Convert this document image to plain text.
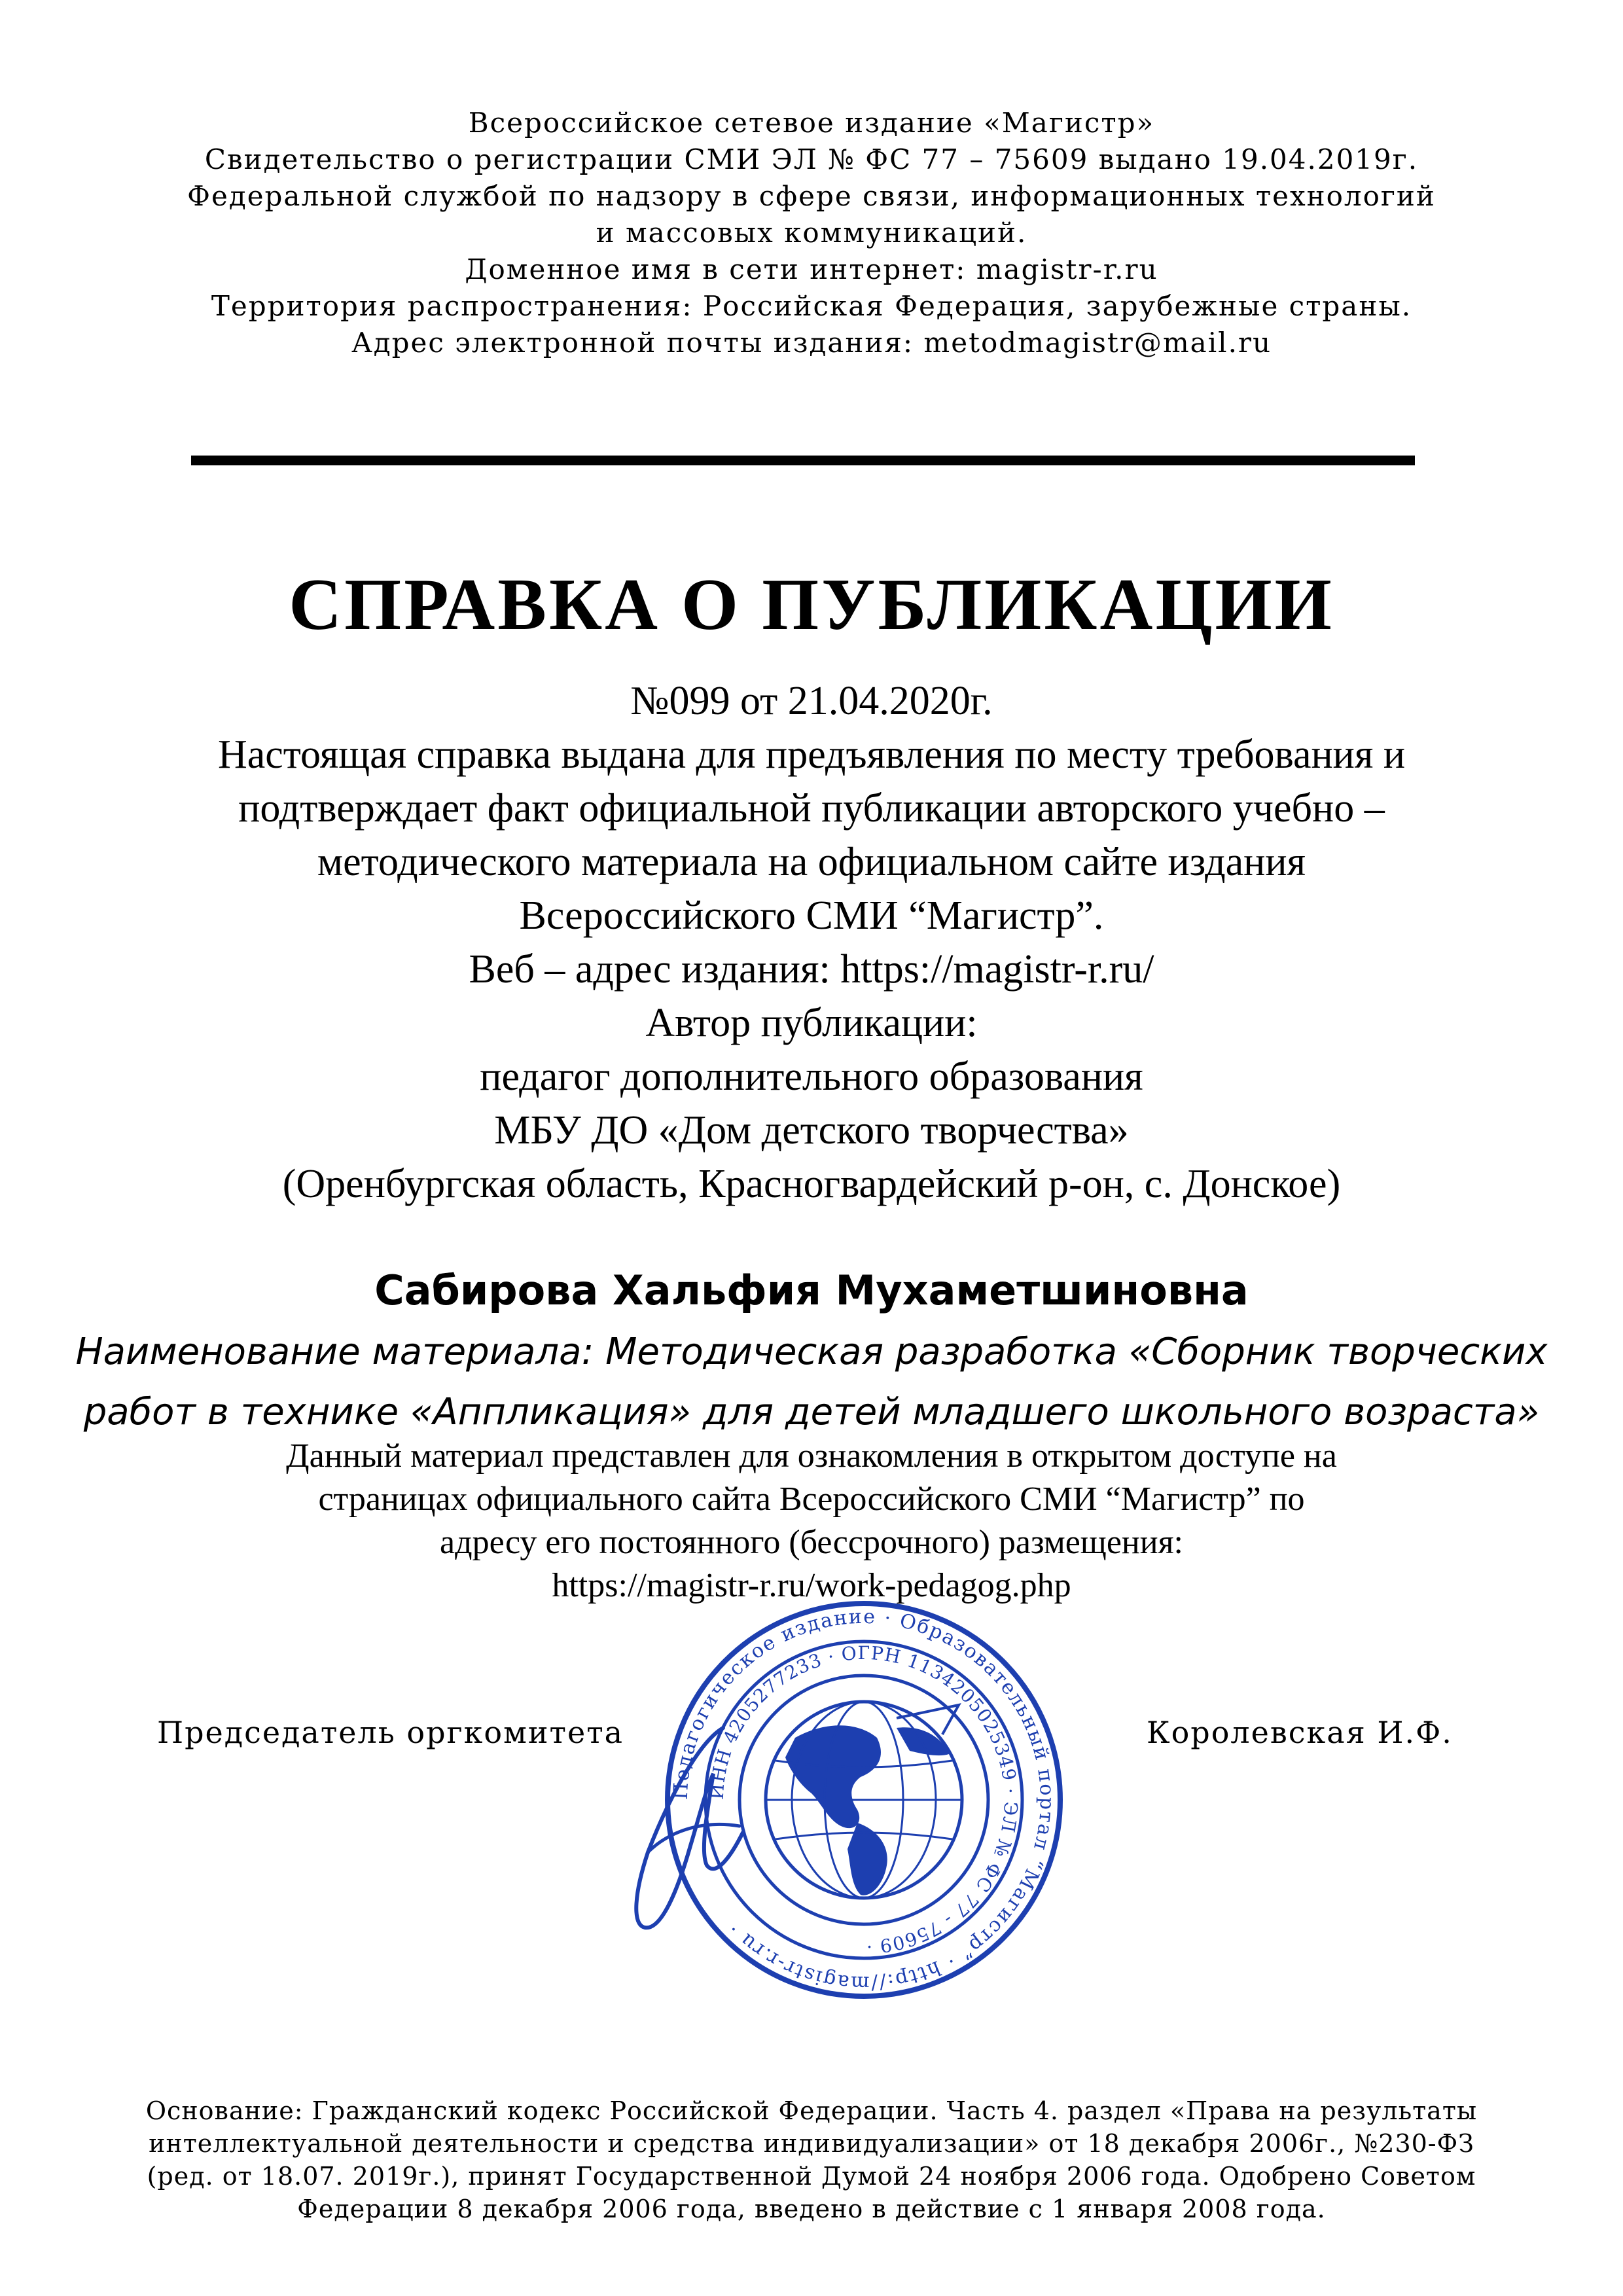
Всероссийское сетевое издание «Магистр»
Свидетельство о регистрации СМИ ЭЛ № ФС 77 – 75609 выдано 19.04.2019г.
Федеральной службой по надзору в сфере связи, информационных технологий
и массовых коммуникаций.
Доменное имя в сети интернет: magistr-r.ru
Территория распространения: Российская Федерация, зарубежные страны.
Адрес электронной почты издания: metodmagistr@mail.ru
СПРАВКА О ПУБЛИКАЦИИ
№099 от 21.04.2020г.
Настоящая справка выдана для предъявления по месту требования и
подтверждает факт официальной публикации авторского учебно –
методического материала на официальном сайте издания
Всероссийского СМИ “Магистр”.
Веб – адрес издания: https://magistr-r.ru/
Автор публикации:
педагог дополнительного образования
МБУ ДО «Дом детского творчества»
(Оренбургская область, Красногвардейский р-он, с. Донское)
Сабирова Хальфия Мухаметшиновна
Наименование материала: Методическая разработка «Сборник творческих
работ в технике «Аппликация» для детей младшего школьного возраста»
Данный материал представлен для ознакомления в открытом доступе на
страницах официального сайта Всероссийского СМИ “Магистр” по
адресу его постоянного (бессрочного) размещения:
https://magistr-r.ru/work-pedagog.php
Председатель оргкомитета	Королевская И.Ф.
Педагогическое издание · Образовательный портал “Магистр” · http://magistr-r.ru ·
ИНН 4205277233 · ОГРН 1134205025349 · ЭЛ № ФС 77 - 75609 ·
Основание: Гражданский кодекс Российской Федерации. Часть 4. раздел «Права на результаты
интеллектуальной деятельности и средства индивидуализации» от 18 декабря 2006г., №230-ФЗ
(ред. от 18.07. 2019г.), принят Государственной Думой 24 ноября 2006 года. Одобрено Советом
Федерации 8 декабря 2006 года, введено в действие с 1 января 2008 года.
